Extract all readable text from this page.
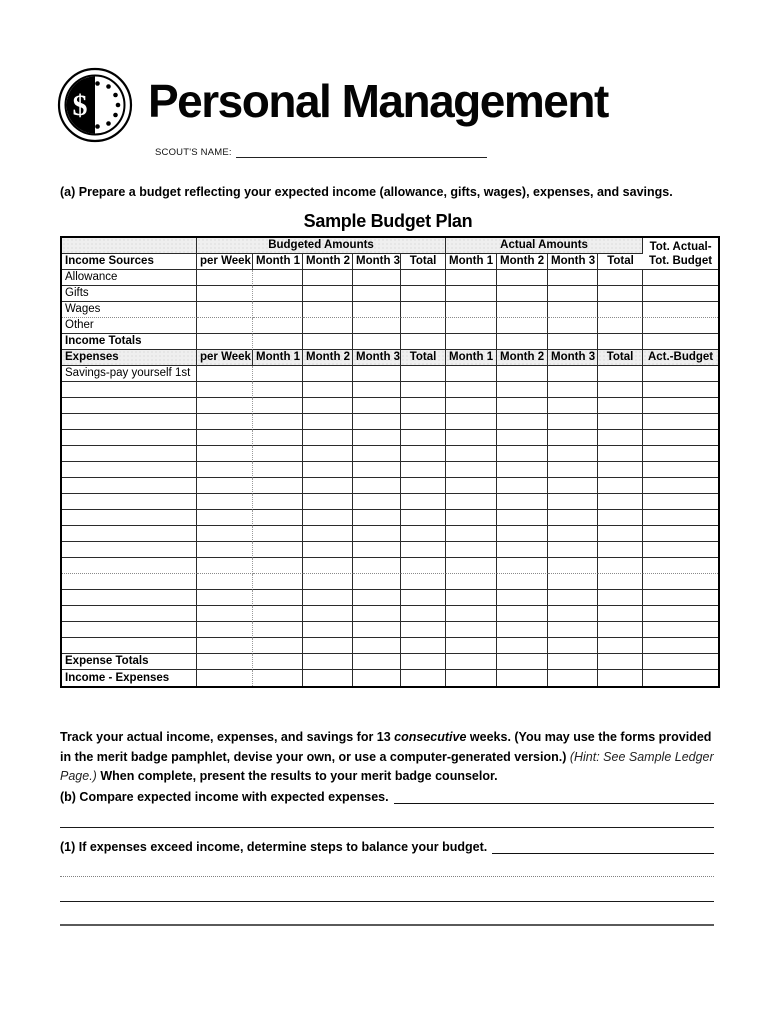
$ Personal Management
SCOUT'S NAME:
(a) Prepare a budget reflecting your expected income (allowance, gifts, wages), expenses, and savings.
Sample Budget Plan
	Budgeted Amounts					Actual Amounts				Tot. Actual-
Tot. Budget

Income Sources	per Week	Month 1	Month 2	Month 3	Total	Month 1	Month 2	Month 3	Total	
Allowance										
Gifts										
Wages										
Other										
Income Totals										
Expenses	per Week	Month 1	Month 2	Month 3	Total	Month 1	Month 2	Month 3	Total	Act.-Budget
Savings-pay yourself 1st										

Expense Totals										
Income - Expenses										

Track your actual income, expenses, and savings for 13 consecutive weeks. (You may use the forms provided in the merit badge pamphlet, devise your own, or use a computer-generated version.) (Hint: See Sample Ledger Page.) When complete, present the results to your merit badge counselor.

(b) Compare expected income with expected expenses.
(1) If expenses exceed income, determine steps to balance your budget.
